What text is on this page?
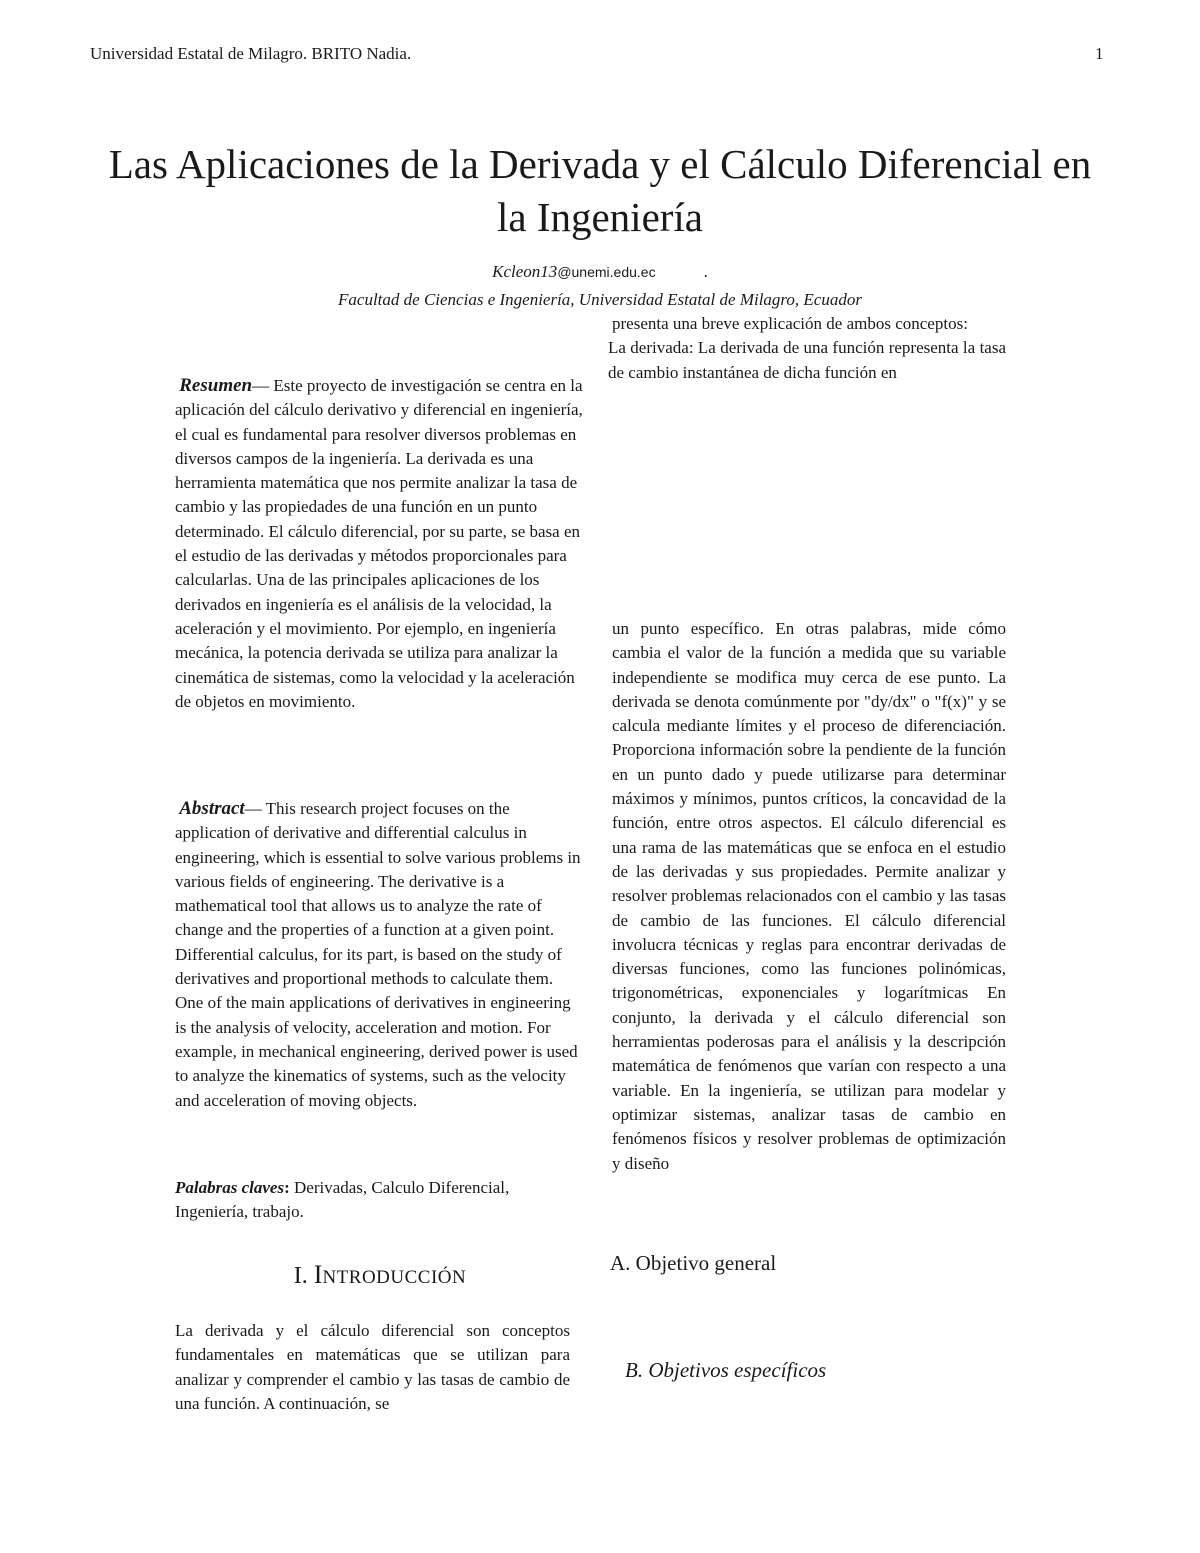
Universidad Estatal de Milagro. BRITO Nadia.	1
Las Aplicaciones de la Derivada y el Cálculo Diferencial en la Ingeniería
Kcleon13@unemi.edu.ec	.
Facultad de Ciencias e Ingeniería, Universidad Estatal de Milagro, Ecuador

Resumen— Este proyecto de investigación se centra en la aplicación del cálculo derivativo y diferencial en ingeniería, el cual es fundamental para resolver diversos problemas en diversos campos de la ingeniería. La derivada es una herramienta matemática que nos permite analizar la tasa de cambio y las propiedades de una función en un punto determinado. El cálculo diferencial, por su parte, se basa en el estudio de las derivadas y métodos proporcionales para calcularlas. Una de las principales aplicaciones de los derivados en ingeniería es el análisis de la velocidad, la aceleración y el movimiento. Por ejemplo, en ingeniería mecánica, la potencia derivada se utiliza para analizar la cinemática de sistemas, como la velocidad y la aceleración de objetos en movimiento.

Abstract— This research project focuses on the application of derivative and differential calculus in engineering, which is essential to solve various problems in various fields of engineering. The derivative is a mathematical tool that allows us to analyze the rate of change and the properties of a function at a given point. Differential calculus, for its part, is based on the study of derivatives and proportional methods to calculate them. One of the main applications of derivatives in engineering is the analysis of velocity, acceleration and motion. For example, in mechanical engineering, derived power is used to analyze the kinematics of systems, such as the velocity and acceleration of moving objects.

Palabras claves: Derivadas, Calculo Diferencial, Ingeniería, trabajo.

I. INTRODUCCIÓN

La derivada y el cálculo diferencial son conceptos fundamentales en matemáticas que se utilizan para analizar y comprender el cambio y las tasas de cambio de una función. A continuación, se

presenta una breve explicación de ambos conceptos:

La derivada: La derivada de una función representa la tasa de cambio instantánea de dicha función en

un punto específico. En otras palabras, mide cómo cambia el valor de la función a medida que su variable independiente se modifica muy cerca de ese punto. La derivada se denota comúnmente por "dy/dx" o "f(x)" y se calcula mediante límites y el proceso de diferenciación. Proporciona información sobre la pendiente de la función en un punto dado y puede utilizarse para determinar máximos y mínimos, puntos críticos, la concavidad de la función, entre otros aspectos. El cálculo diferencial es una rama de las matemáticas que se enfoca en el estudio de las derivadas y sus propiedades. Permite analizar y resolver problemas relacionados con el cambio y las tasas de cambio de las funciones. El cálculo diferencial involucra técnicas y reglas para encontrar derivadas de diversas funciones, como las funciones polinómicas, trigonométricas, exponenciales y logarítmicas En conjunto, la derivada y el cálculo diferencial son herramientas poderosas para el análisis y la descripción matemática de fenómenos que varían con respecto a una variable. En la ingeniería, se utilizan para modelar y optimizar sistemas, analizar tasas de cambio en fenómenos físicos y resolver problemas de optimización y diseño

A. Objetivo general
B. Objetivos específicos
